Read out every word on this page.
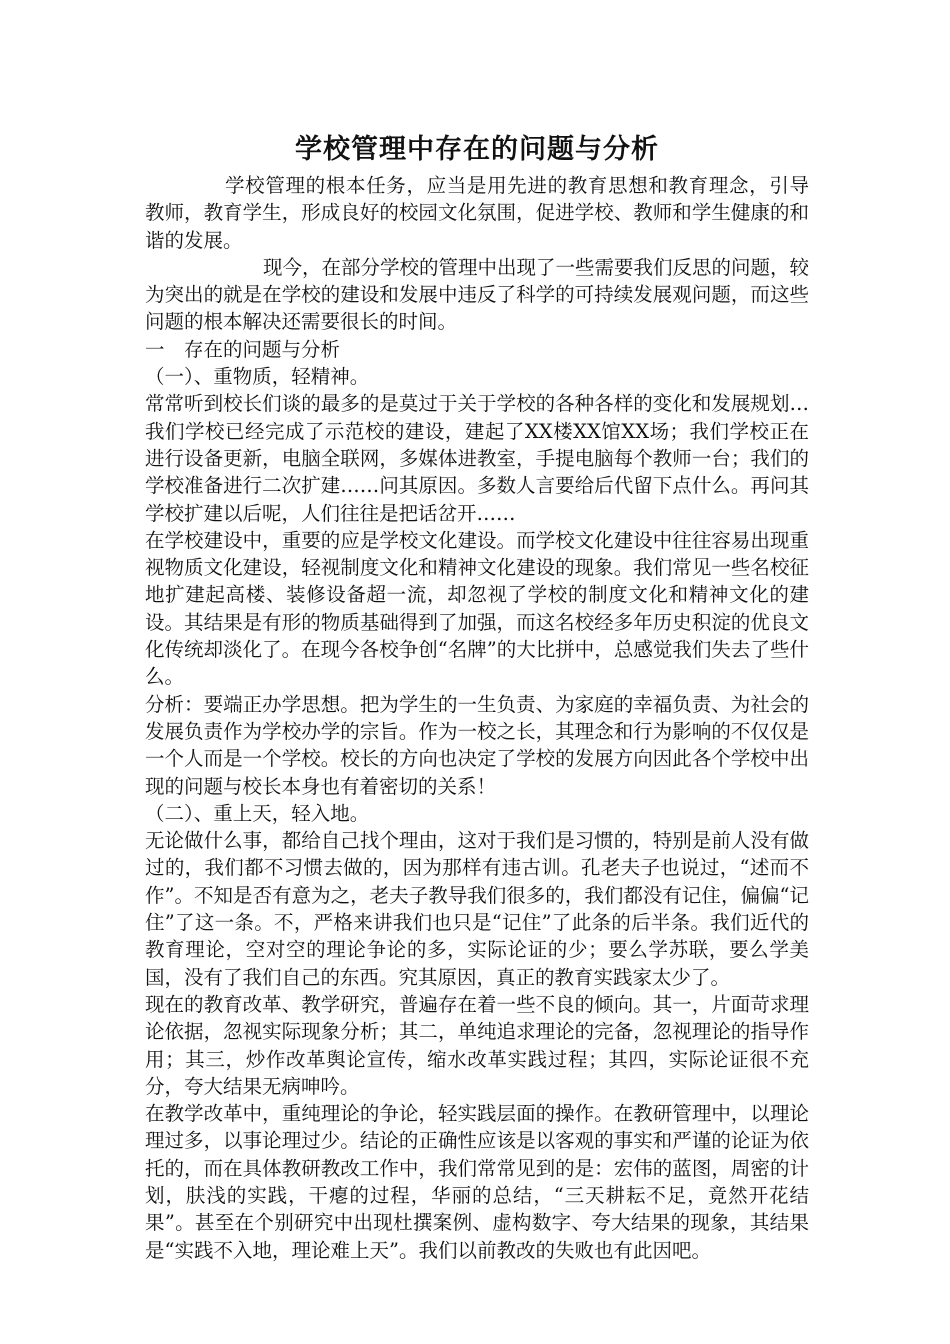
学校管理中存在的问题与分析

学校管理的根本任务，应当是用先进的教育思想和教育理念，引导教师，教育学生，形成良好的校园文化氛围，促进学校、教师和学生健康的和谐的发展。

现今，在部分学校的管理中出现了一些需要我们反思的问题，较为突出的就是在学校的建设和发展中违反了科学的可持续发展观问题，而这些问题的根本解决还需要很长的时间。

一　存在的问题与分析

（一）、重物质，轻精神。

常常听到校长们谈的最多的是莫过于关于学校的各种各样的变化和发展规划…我们学校已经完成了示范校的建设，建起了XX楼XX馆XX场；我们学校正在进行设备更新，电脑全联网，多媒体进教室，手提电脑每个教师一台；我们的学校准备进行二次扩建……问其原因。多数人言要给后代留下点什么。再问其学校扩建以后呢，人们往往是把话岔开……

在学校建设中，重要的应是学校文化建设。而学校文化建设中往往容易出现重视物质文化建设，轻视制度文化和精神文化建设的现象。我们常见一些名校征地扩建起高楼、装修设备超一流，却忽视了学校的制度文化和精神文化的建设。其结果是有形的物质基础得到了加强，而这名校经多年历史积淀的优良文化传统却淡化了。在现今各校争创“名牌”的大比拼中，总感觉我们失去了些什么。

分析：要端正办学思想。把为学生的一生负责、为家庭的幸福负责、为社会的发展负责作为学校办学的宗旨。作为一校之长，其理念和行为影响的不仅仅是一个人而是一个学校。校长的方向也决定了学校的发展方向因此各个学校中出现的问题与校长本身也有着密切的关系！

（二）、重上天，轻入地。

无论做什么事，都给自己找个理由，这对于我们是习惯的，特别是前人没有做过的，我们都不习惯去做的，因为那样有违古训。孔老夫子也说过，“述而不作”。不知是否有意为之，老夫子教导我们很多的，我们都没有记住，偏偏“记住”了这一条。不，严格来讲我们也只是“记住”了此条的后半条。我们近代的教育理论，空对空的理论争论的多，实际论证的少；要么学苏联，要么学美国，没有了我们自己的东西。究其原因，真正的教育实践家太少了。

现在的教育改革、教学研究，普遍存在着一些不良的倾向。其一，片面苛求理论依据，忽视实际现象分析；其二，单纯追求理论的完备，忽视理论的指导作用；其三，炒作改革舆论宣传，缩水改革实践过程；其四，实际论证很不充分，夸大结果无病呻吟。

在教学改革中，重纯理论的争论，轻实践层面的操作。在教研管理中，以理论理过多，以事论理过少。结论的正确性应该是以客观的事实和严谨的论证为依托的，而在具体教研教改工作中，我们常常见到的是：宏伟的蓝图，周密的计划，肤浅的实践，干瘪的过程，华丽的总结，“三天耕耘不足，竟然开花结果”。甚至在个别研究中出现杜撰案例、虚构数字、夸大结果的现象，其结果是“实践不入地，理论难上天”。我们以前教改的失败也有此因吧。
